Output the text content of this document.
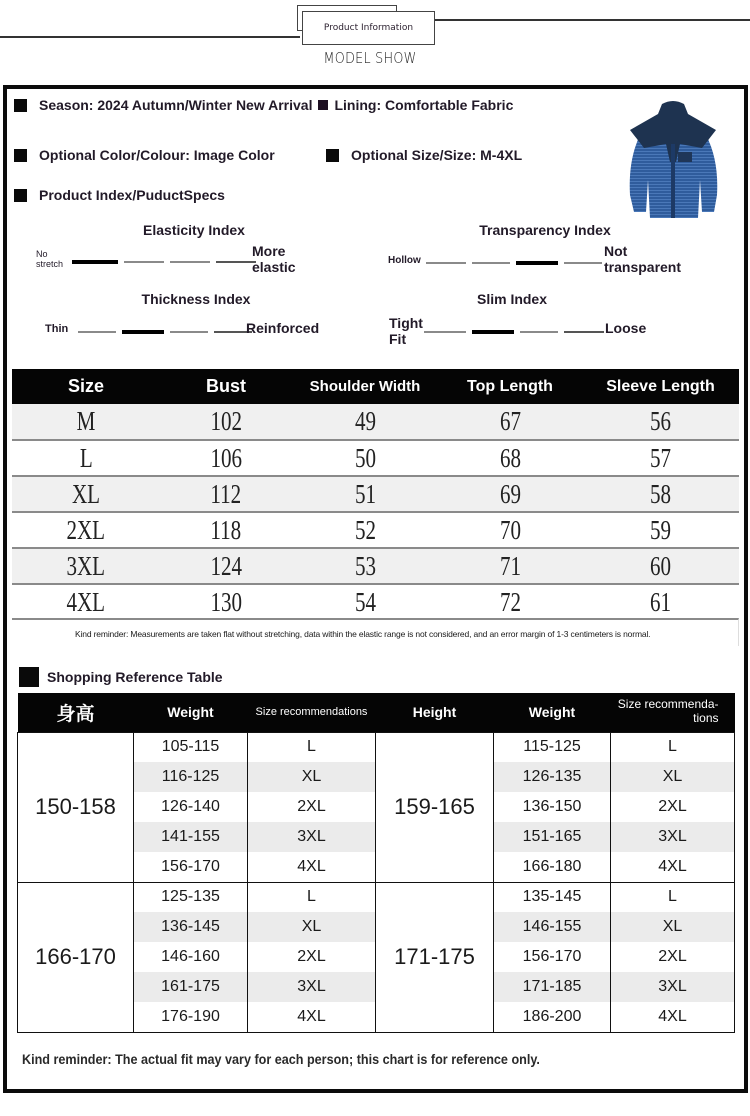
Product Information
MODEL SHOW
Season: 2024 Autumn/Winter New Arrival Lining: Comfortable Fabric
Optional Color/Colour: Image Color	Optional Size/Size: M-4XL
Product Index/PuductSpecs
Elasticity Index
No stretch
More elastic
Transparency Index
Hollow
Not transparent
Thickness Index
Thin	Reinforced
Slim Index
Tight Fit
Loose
Size	Bust	Shoulder Width	Top Length	Sleeve Length
M	102	49	67	56
L	106	50	68	57
XL	112	51	69	58
2XL	118	52	70	59
3XL	124	53	71	60
4XL	130	54	72	61
Kind reminder: Measurements are taken flat without stretching, data within the elastic range is not considered, and an error margin of 1-3 centimeters is normal.
Shopping Reference Table
身高	Weight	Size recommendations	Height	Weight	Size recommenda-
tions
150-158	105-115	L	159-165	115-125	L
	116-125	XL		126-135	XL
	126-140	2XL		136-150	2XL
	141-155	3XL		151-165	3XL
	156-170	4XL		166-180	4XL
166-170	125-135	L	171-175	135-145	L
	136-145	XL		146-155	XL
	146-160	2XL		156-170	2XL
	161-175	3XL		171-185	3XL
	176-190	4XL		186-200	4XL
Kind reminder: The actual fit may vary for each person; this chart is for reference only.
